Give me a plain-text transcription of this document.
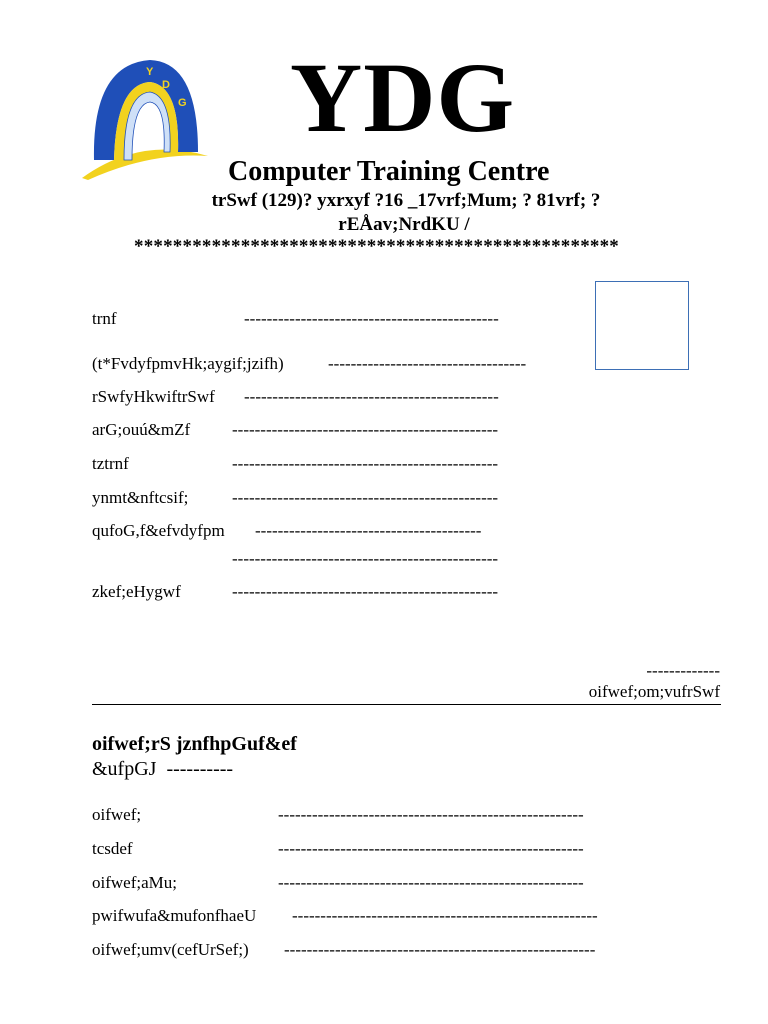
Y
D
G YDG
Computer Training Centre
trSwf (129)? yxrxyf ?16 _17vrf;Mum; ? 81vrf; ?
rEÅav;NrdKU /
**************************************************
trnf	---------------------------------------------
(t*FvdyfpmvHk;aygif;jzifh)	-----------------------------------
rSwfyHkwiftrSwf ---------------------------------------------
arG;ouú&mZf -----------------------------------------------
tztrnf	-----------------------------------------------
ynmt&nftcsif;	-----------------------------------------------
qufoG,f&efvdyfpm ----------------------------------------
-----------------------------------------------
zkef;eHygwf	-----------------------------------------------
-------------
oifwef;om;vufrSwf
oifwef;rS jznfhpGuf&ef
&ufpGJ ----------
oifwef;	------------------------------------------------------
tcsdef	------------------------------------------------------
oifwef;aMu;	------------------------------------------------------
pwifwufa&mufonfhaeU ------------------------------------------------------
oifwef;umv(cefUrSef;) -------------------------------------------------------
